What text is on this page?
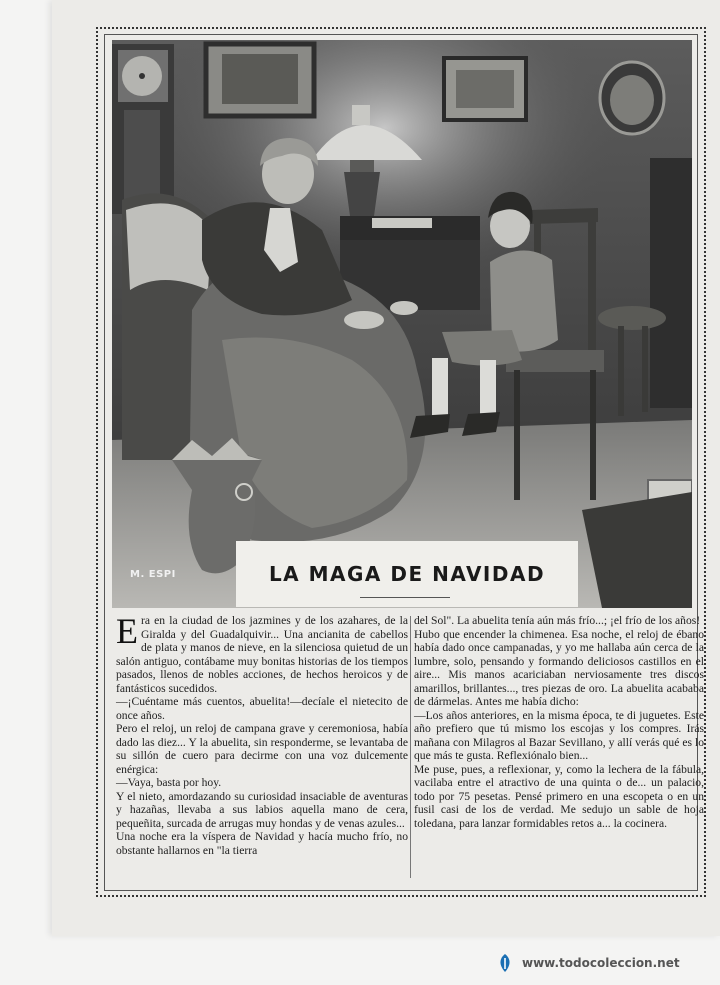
M. ESPI	LA MAGA DE NAVIDAD

Era en la ciudad de los jazmines y de los azahares, de la Giralda y del Guadalquivir... Una ancianita de cabellos de plata y manos de nieve, en la silenciosa quietud de un salón antiguo, contábame muy bonitas historias de los tiempos pasados, llenos de nobles acciones, de hechos heroicos y de fantásticos sucedidos.

—¡Cuéntame más cuentos, abuelita!—decíale el nietecito de once años.

Pero el reloj, un reloj de campana grave y ceremoniosa, había dado las diez... Y la abuelita, sin responderme, se levantaba de su sillón de cuero para decirme con una voz dulcemente enérgica:

—Vaya, basta por hoy.

Y el nieto, amordazando su curiosidad insaciable de aventuras y hazañas, llevaba a sus labios aquella mano de cera, pequeñita, surcada de arrugas muy hondas y de venas azules...

Una noche era la víspera de Navidad y hacía mucho frío, no obstante hallarnos en "la tierra

del Sol". La abuelita tenía aún más frío...; ¡el frío de los años!

Hubo que encender la chimenea. Esa noche, el reloj de ébano había dado once campanadas, y yo me hallaba aún cerca de la lumbre, solo, pensando y formando deliciosos castillos en el aire... Mis manos acariciaban nerviosamente tres discos amarillos, brillantes..., tres piezas de oro. La abuelita acababa de dármelas. Antes me había dicho:

—Los años anteriores, en la misma época, te di juguetes. Este año prefiero que tú mismo los escojas y los compres. Irás mañana con Milagros al Bazar Sevillano, y allí verás qué es lo que más te gusta. Reflexiónalo bien...

Me puse, pues, a reflexionar, y, como la lechera de la fábula, vacilaba entre el atractivo de una quinta o de... un palacio, todo por 75 pesetas. Pensé primero en una escopeta o en un fusil casi de los de verdad. Me sedujo un sable de hoja toledana, para lanzar formidables retos a... la cocinera.

www.todocoleccion.net
